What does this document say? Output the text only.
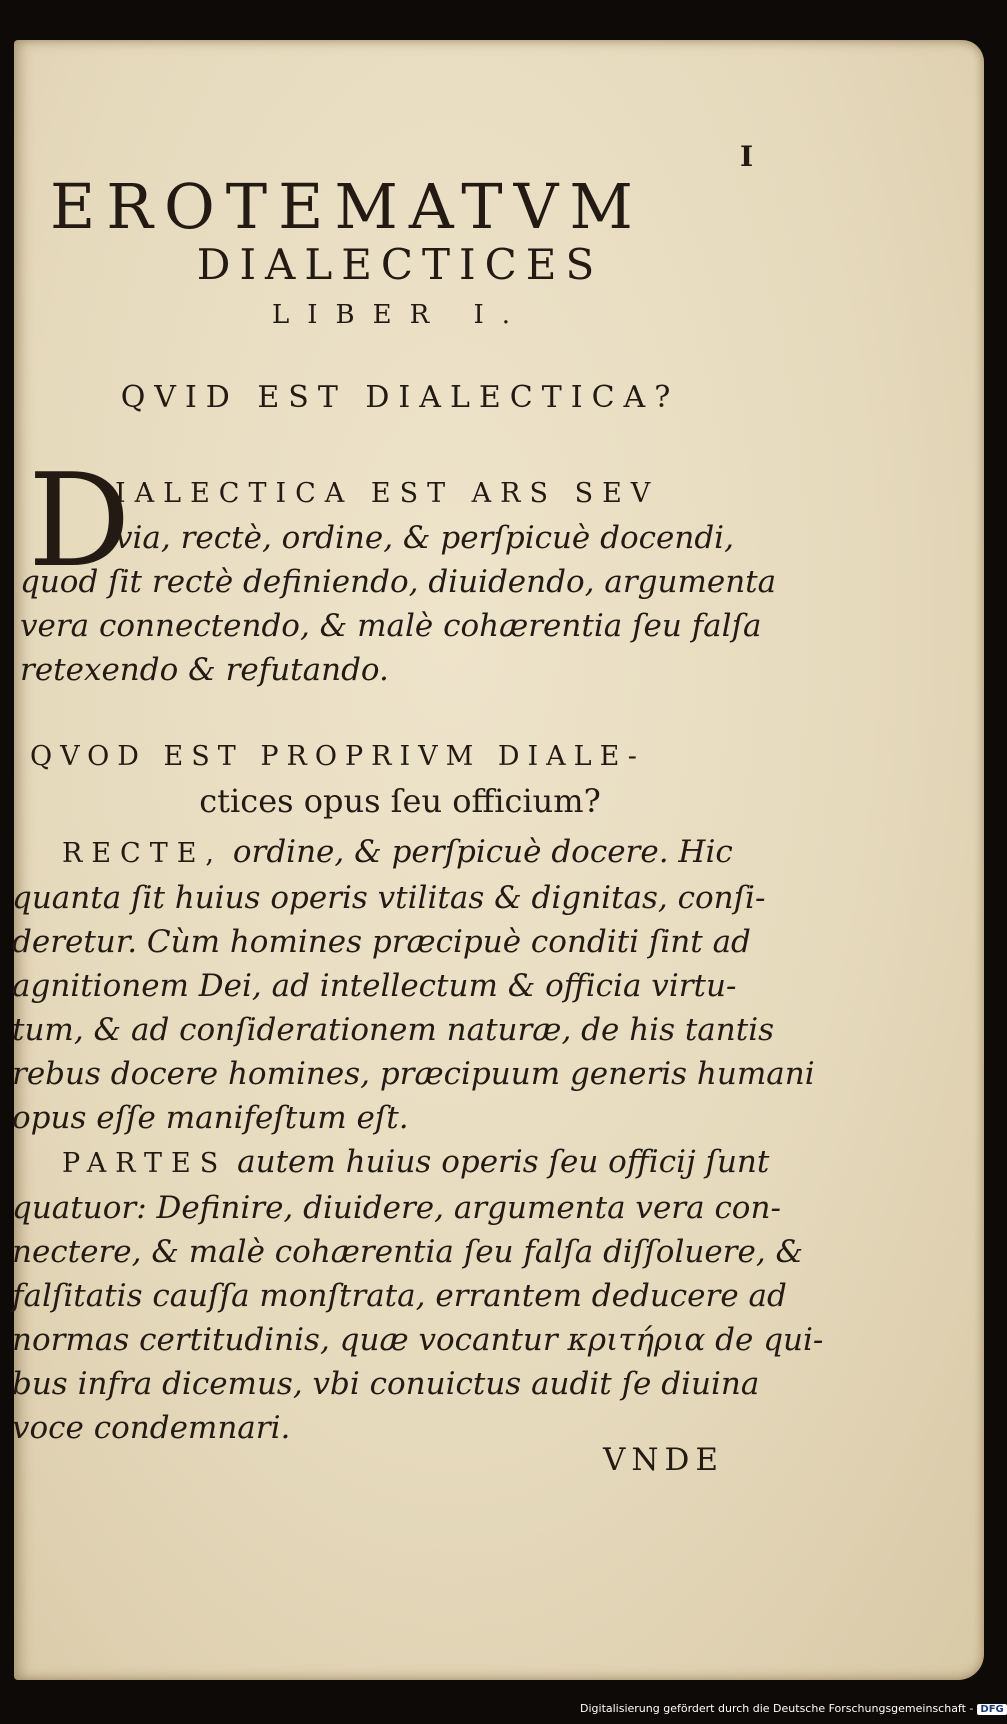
I
EROTEMATVM
DIALECTICES
LIBER I.
QVID EST DIALECTICA?
D
IALECTICA EST ARS SEV
via, rectè, ordine, & perſpicuè docendi,
quod ſit rectè definiendo, diuidendo, argumenta
vera connectendo, & malè cohærentia ſeu falſa
retexendo & refutando.
QVOD EST PROPRIVM DIALE-
ctices opus ſeu officium?
RECTE, ordine, & perſpicuè docere. Hic
quanta ſit huius operis vtilitas & dignitas, conſi-
deretur. Cùm homines præcipuè conditi ſint ad
agnitionem Dei, ad intellectum & officia virtu-
tum, & ad conſiderationem naturæ, de his tantis
rebus docere homines, præcipuum generis humani
opus eſſe manifeſtum eſt.
PARTES autem huius operis ſeu officij ſunt
quatuor: Definire, diuidere, argumenta vera con-
nectere, & malè cohærentia ſeu falſa diſſoluere, &
falſitatis cauſſa monſtrata, errantem deducere ad
normas certitudinis, quæ vocantur κριτήρια de qui-
bus infra dicemus, vbi conuictus audit ſe diuina
voce condemnari.
VNDE
Digitalisierung gefördert durch die Deutsche Forschungsgemeinschaft - DFG
